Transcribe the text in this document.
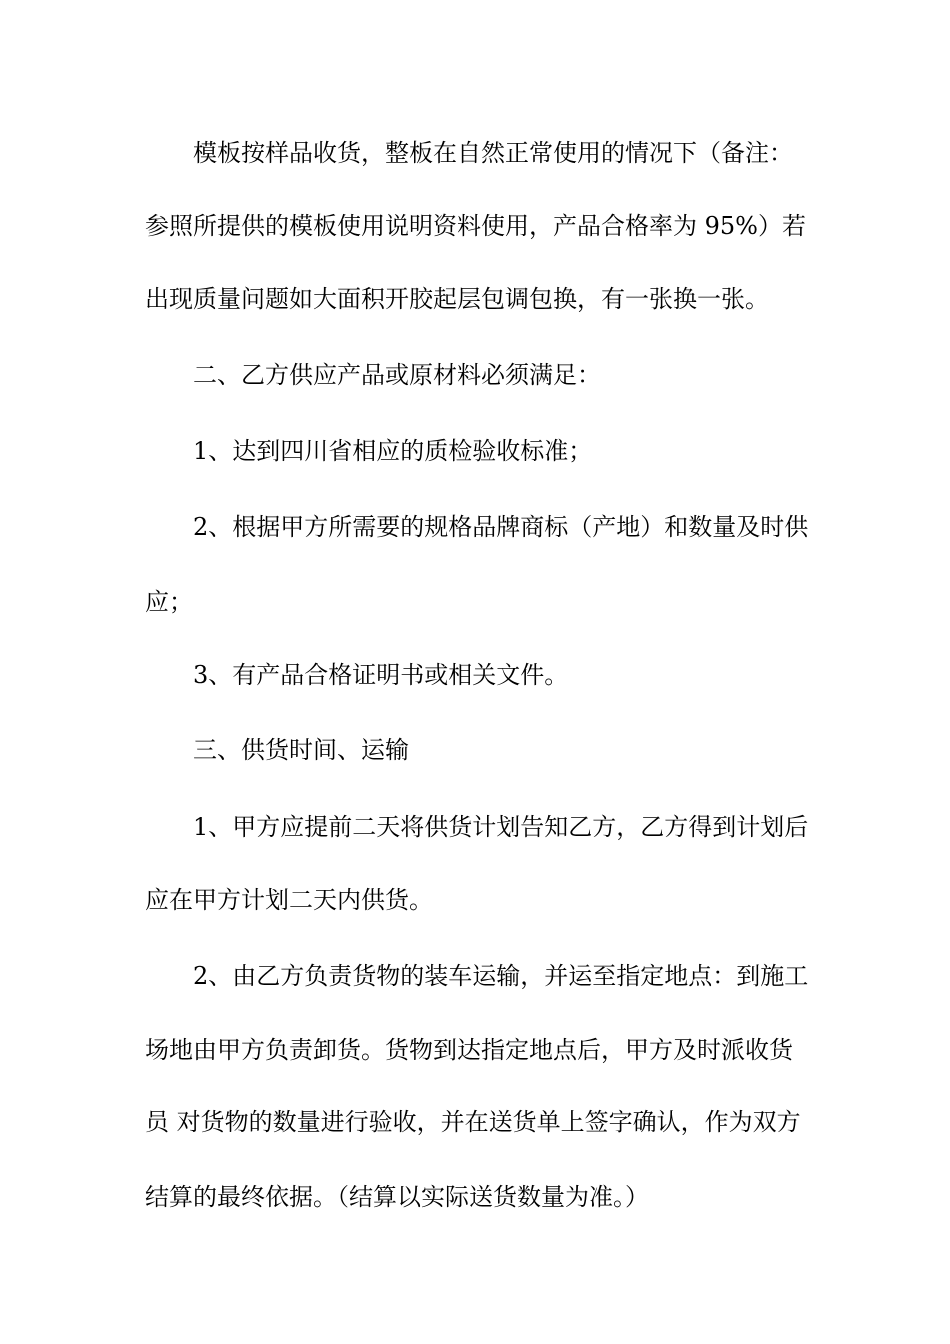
模板按样品收货，整板在自然正常使用的情况下（备注：

参照所提供的模板使用说明资料使用，产品合格率为 95%）若

出现质量问题如大面积开胶起层包调包换，有一张换一张。

二、乙方供应产品或原材料必须满足：

1、达到四川省相应的质检验收标准；

2、根据甲方所需要的规格品牌商标（产地）和数量及时供

应；

3、有产品合格证明书或相关文件。

三、供货时间、运输

1、甲方应提前二天将供货计划告知乙方，乙方得到计划后

应在甲方计划二天内供货。

2、由乙方负责货物的装车运输，并运至指定地点：到施工

场地由甲方负责卸货。货物到达指定地点后，甲方及时派收货

员 对货物的数量进行验收，并在送货单上签字确认，作为双方

结算的最终依据。（结算以实际送货数量为准。）
